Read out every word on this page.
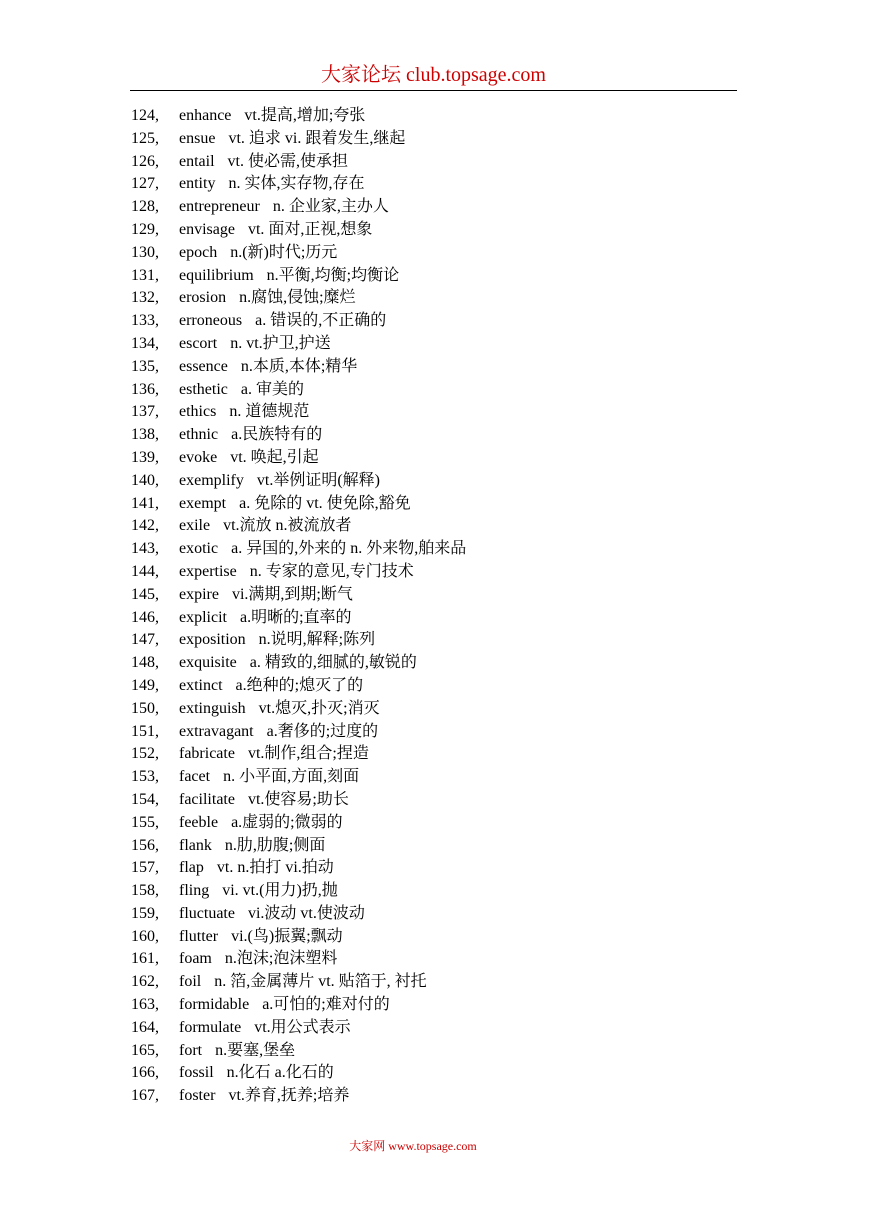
大家论坛 club.topsage.com
124, enhance vt.提高,增加;夸张
125, ensue vt. 追求 vi. 跟着发生,继起
126, entail vt. 使必需,使承担
127, entity n. 实体,实存物,存在
128, entrepreneur n. 企业家,主办人
129, envisage vt. 面对,正视,想象
130, epoch n.(新)时代;历元
131, equilibrium n.平衡,均衡;均衡论
132, erosion n.腐蚀,侵蚀;糜烂
133, erroneous a. 错误的,不正确的
134, escort n. vt.护卫,护送
135, essence n.本质,本体;精华
136, esthetic a. 审美的
137, ethics n. 道德规范
138, ethnic a.民族特有的
139, evoke vt. 唤起,引起
140, exemplify vt.举例证明(解释)
141, exempt a. 免除的 vt. 使免除,豁免
142, exile vt.流放 n.被流放者
143, exotic a. 异国的,外来的 n. 外来物,舶来品
144, expertise n. 专家的意见,专门技术
145, expire vi.满期,到期;断气
146, explicit a.明晰的;直率的
147, exposition n.说明,解释;陈列
148, exquisite a. 精致的,细腻的,敏锐的
149, extinct a.绝种的;熄灭了的
150, extinguish vt.熄灭,扑灭;消灭
151, extravagant a.奢侈的;过度的
152, fabricate vt.制作,组合;捏造
153, facet n. 小平面,方面,刻面
154, facilitate vt.使容易;助长
155, feeble a.虚弱的;微弱的
156, flank n.肋,肋腹;侧面
157, flap vt. n.拍打 vi.拍动
158, fling vi. vt.(用力)扔,抛
159, fluctuate vi.波动 vt.使波动
160, flutter vi.(鸟)振翼;飘动
161, foam n.泡沫;泡沫塑料
162, foil n. 箔,金属薄片 vt. 贴箔于, 衬托
163, formidable a.可怕的;难对付的
164, formulate vt.用公式表示
165, fort n.要塞,堡垒
166, fossil n.化石 a.化石的
167, foster vt.养育,抚养;培养
大家网 www.topsage.com
